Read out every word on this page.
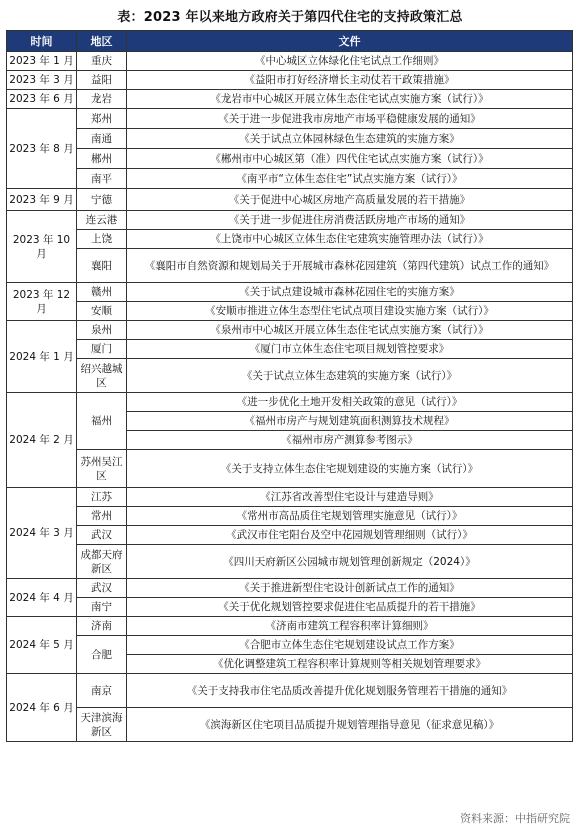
表：2023 年以来地方政府关于第四代住宅的支持政策汇总
时间	地区	文件
2023 年 1 月	重庆	《中心城区立体绿化住宅试点工作细则》
2023 年 3 月	益阳	《益阳市打好经济增长主动仗若干政策措施》
2023 年 6 月	龙岩	《龙岩市中心城区开展立体生态住宅试点实施方案（试行）》
2023 年 8 月	郑州	《关于进一步促进我市房地产市场平稳健康发展的通知》
	南通	《关于试点立体园林绿色生态建筑的实施方案》
	郴州	《郴州市中心城区第（准）四代住宅试点实施方案（试行）》
	南平	《南平市“立体生态住宅”试点实施方案（试行）》
2023 年 9 月	宁德	《关于促进中心城区房地产高质量发展的若干措施》
2023 年 10 月	连云港	《关于进一步促进住房消费活跃房地产市场的通知》
	上饶	《上饶市中心城区立体生态住宅建筑实施管理办法（试行）》
	襄阳	《襄阳市自然资源和规划局关于开展城市森林花园建筑（第四代建筑）试点工作的通知》
2023 年 12 月	赣州	《关于试点建设城市森林花园住宅的实施方案》
	安顺	《安顺市推进立体生态型住宅试点项目建设实施方案（试行）》
2024 年 1 月	泉州	《泉州市中心城区开展立体生态住宅试点实施方案（试行）》
	厦门	《厦门市立体生态住宅项目规划管控要求》
	绍兴越城区	《关于试点立体生态建筑的实施方案（试行）》
2024 年 2 月	福州	《进一步优化土地开发相关政策的意见（试行）》
		《福州市房产与规划建筑面积测算技术规程》
		《福州市房产测算参考图示》
	苏州吴江区	《关于支持立体生态住宅规划建设的实施方案（试行）》
2024 年 3 月	江苏	《江苏省改善型住宅设计与建造导则》
	常州	《常州市高品质住宅规划管理实施意见（试行）》
	武汉	《武汉市住宅阳台及空中花园规划管理细则（试行）》
	成都天府新区	《四川天府新区公园城市规划管理创新规定（2024）》
2024 年 4 月	武汉	《关于推进新型住宅设计创新试点工作的通知》
	南宁	《关于优化规划管控要求促进住宅品质提升的若干措施》
2024 年 5 月	济南	《济南市建筑工程容积率计算细则》
	合肥	《合肥市立体生态住宅规划建设试点工作方案》
		《优化调整建筑工程容积率计算规则等相关规划管理要求》
2024 年 6 月	南京	《关于支持我市住宅品质改善提升优化规划服务管理若干措施的通知》
	天津滨海新区	《滨海新区住宅项目品质提升规划管理指导意见（征求意见稿）》
资料来源：中指研究院
